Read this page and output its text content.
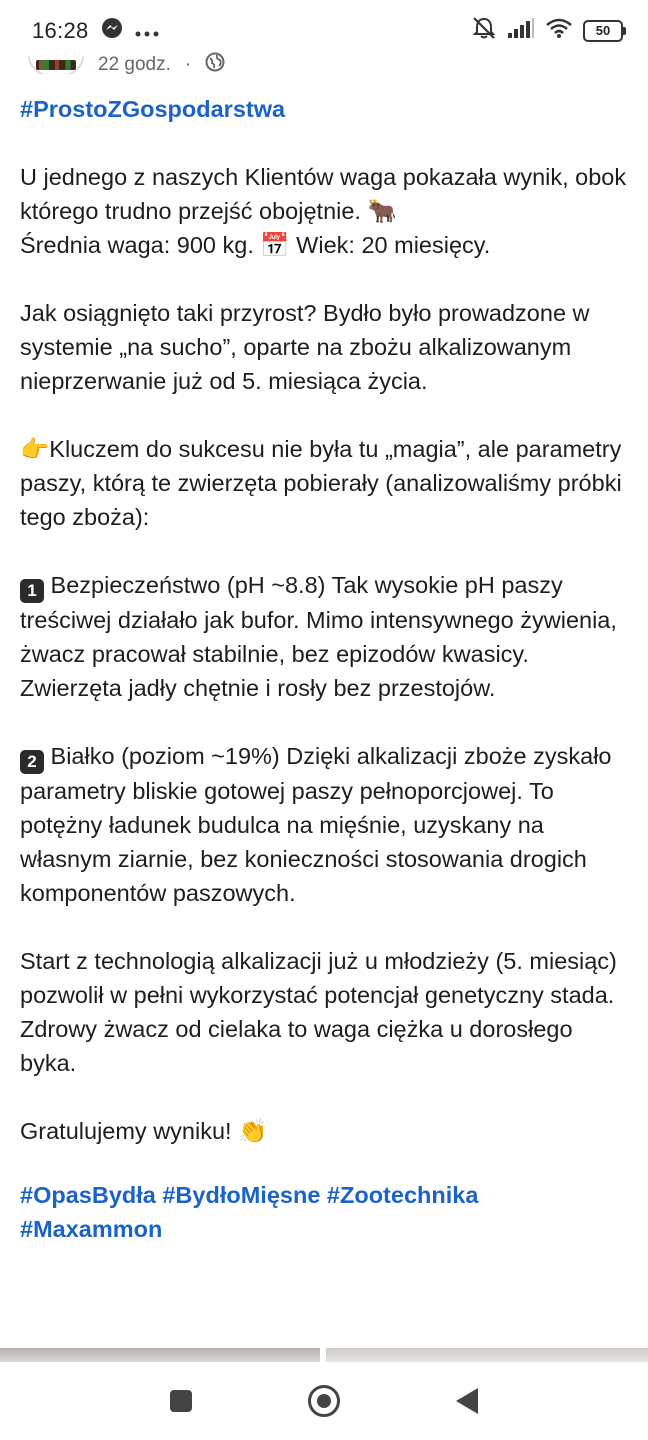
16:28	50
22 godz. ·

#ProstoZGospodarstwa

U jednego z naszych Klientów waga pokazała wynik, obok którego trudno przejść obojętnie. 🐂
Średnia waga: 900 kg. 📅 Wiek: 20 miesięcy.

Jak osiągnięto taki przyrost? Bydło było prowadzone w systemie „na sucho”, oparte na zbożu alkalizowanym nieprzerwanie już od 5. miesiąca życia.

👉Kluczem do sukcesu nie była tu „magia”, ale parametry paszy, którą te zwierzęta pobierały (analizowaliśmy próbki tego zboża):

1 Bezpieczeństwo (pH ~8.8) Tak wysokie pH paszy treściwej działało jak bufor. Mimo intensywnego żywienia, żwacz pracował stabilnie, bez epizodów kwasicy. Zwierzęta jadły chętnie i rosły bez przestojów.

2 Białko (poziom ~19%) Dzięki alkalizacji zboże zyskało parametry bliskie gotowej paszy pełnoporcjowej. To potężny ładunek budulca na mięśnie, uzyskany na własnym ziarnie, bez konieczności stosowania drogich komponentów paszowych.

Start z technologią alkalizacji już u młodzieży (5. miesiąc) pozwolił w pełni wykorzystać potencjał genetyczny stada. Zdrowy żwacz od cielaka to waga ciężka u dorosłego byka.

Gratulujemy wyniku! 👏

#OpasBydła #BydłoMięsne #Zootechnika
#Maxammon
